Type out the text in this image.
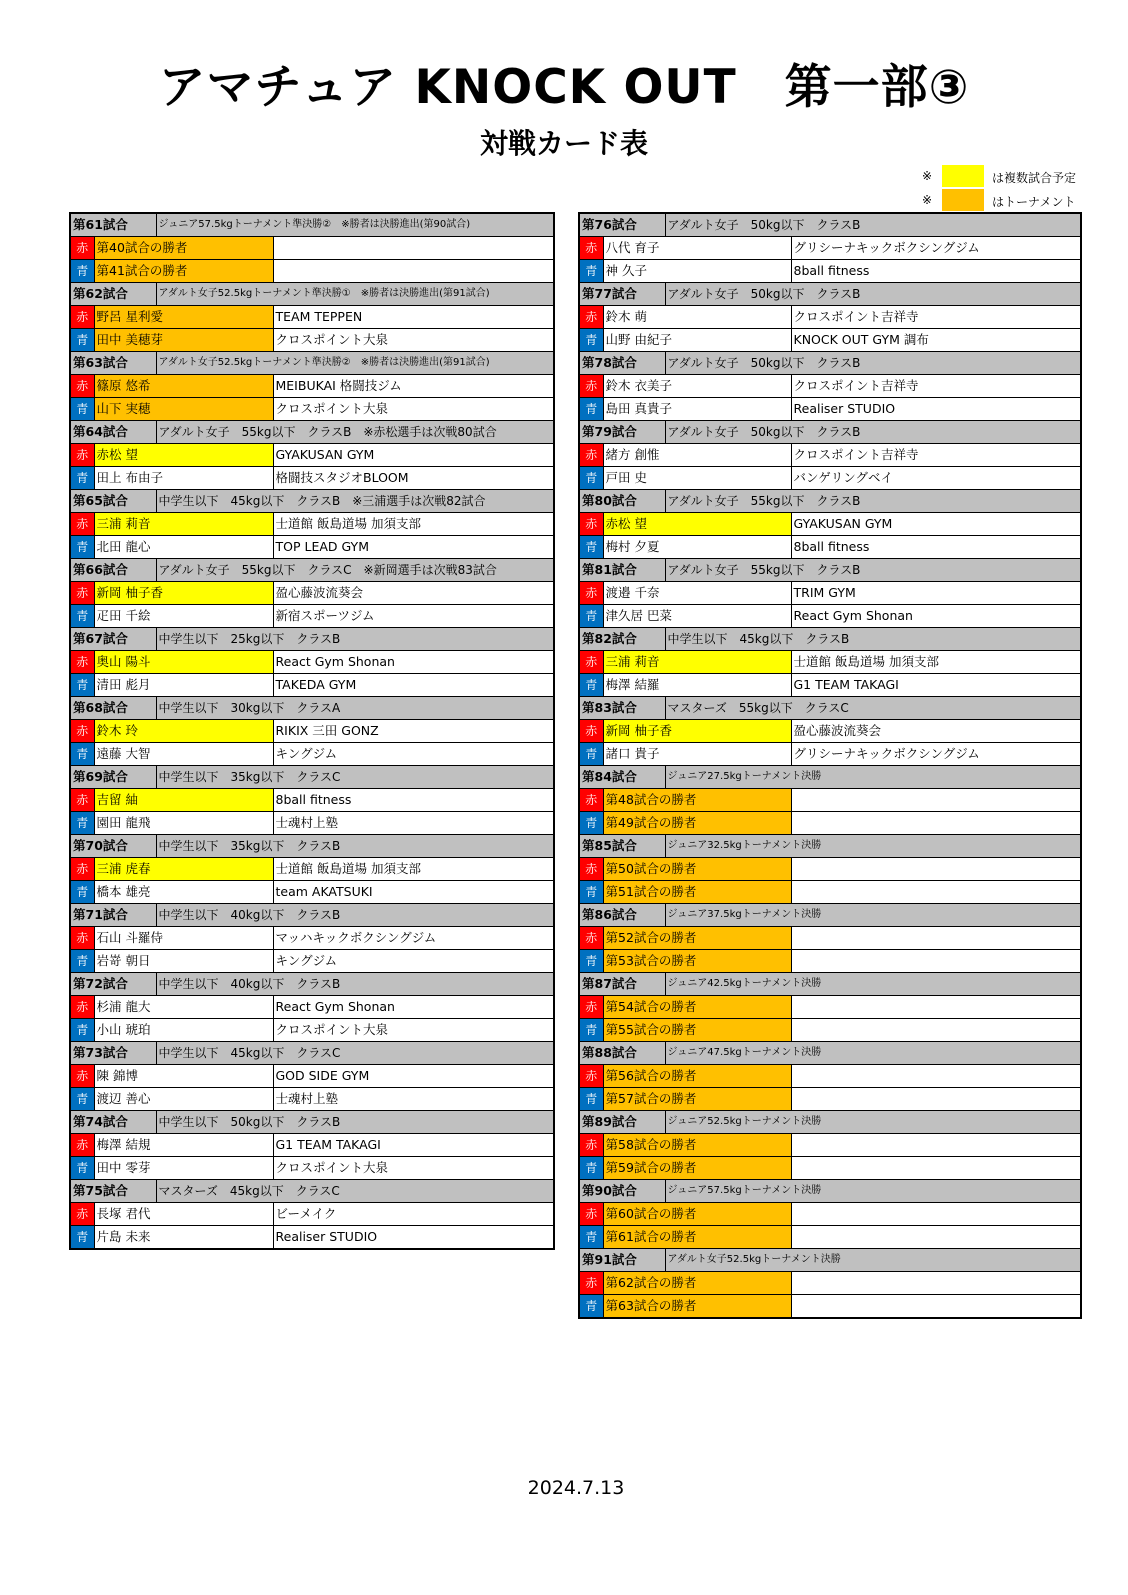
アマチュア KNOCK OUT　第一部③
対戦カード表
※	は複数試合予定
※	はトーナメント
第61試合		ジュニア57.5kgトーナメント準決勝②　※勝者は決勝進出(第90試合)	
赤	第40試合の勝者		
青	第41試合の勝者		
第62試合		アダルト女子52.5kgトーナメント準決勝①　※勝者は決勝進出(第91試合)	
赤	野呂 星利愛		TEAM TEPPEN
青	田中 美穂芽		クロスポイント大泉
第63試合		アダルト女子52.5kgトーナメント準決勝②　※勝者は決勝進出(第91試合)	
赤	篠原 悠希		MEIBUKAI 格闘技ジム
青	山下 実穂		クロスポイント大泉
第64試合		アダルト女子　55kg以下　クラスB　※赤松選手は次戦80試合	
赤	赤松 望		GYAKUSAN GYM
青	田上 布由子		格闘技スタジオBLOOM
第65試合		中学生以下　45kg以下　クラスB　※三浦選手は次戦82試合	
赤	三浦 莉音		士道館 飯島道場 加須支部
青	北田 龍心		TOP LEAD GYM
第66試合		アダルト女子　55kg以下　クラスC　※新岡選手は次戦83試合	
赤	新岡 柚子香		盈心藤波流葵会
青	疋田 千絵		新宿スポーツジム
第67試合		中学生以下　25kg以下　クラスB	
赤	奥山 陽斗		React Gym Shonan
青	清田 彪月		TAKEDA GYM
第68試合		中学生以下　30kg以下　クラスA	
赤	鈴木 玲		RIKIX 三田 GONZ
青	遠藤 大智		キングジム
第69試合		中学生以下　35kg以下　クラスC	
赤	吉留 紬		8ball fitness
青	園田 龍飛		士魂村上塾
第70試合		中学生以下　35kg以下　クラスB	
赤	三浦 虎春		士道館 飯島道場 加須支部
青	橋本 雄亮		team AKATSUKI
第71試合		中学生以下　40kg以下　クラスB	
赤	石山 斗羅侍		マッハキックボクシングジム
青	岩嵜 朝日		キングジム
第72試合		中学生以下　40kg以下　クラスB	
赤	杉浦 龍大		React Gym Shonan
青	小山 琥珀		クロスポイント大泉
第73試合		中学生以下　45kg以下　クラスC	
赤	陳 錦博		GOD SIDE GYM
青	渡辺 善心		士魂村上塾
第74試合		中学生以下　50kg以下　クラスB	
赤	梅澤 結規		G1 TEAM TAKAGI
青	田中 零芽		クロスポイント大泉
第75試合		マスターズ　45kg以下　クラスC	
赤	長塚 君代		ビーメイク
青	片島 未来		Realiser STUDIO
第76試合		アダルト女子　50kg以下　クラスB	
赤	八代 育子		グリシーナキックボクシングジム
青	神 久子		8ball fitness
第77試合		アダルト女子　50kg以下　クラスB	
赤	鈴木 萌		クロスポイント吉祥寺
青	山野 由紀子		KNOCK OUT GYM 調布
第78試合		アダルト女子　50kg以下　クラスB	
赤	鈴木 衣美子		クロスポイント吉祥寺
青	島田 真貴子		Realiser STUDIO
第79試合		アダルト女子　50kg以下　クラスB	
赤	緒方 創惟		クロスポイント吉祥寺
青	戸田 史		バンゲリングベイ
第80試合		アダルト女子　55kg以下　クラスB	
赤	赤松 望		GYAKUSAN GYM
青	梅村 夕夏		8ball fitness
第81試合		アダルト女子　55kg以下　クラスB	
赤	渡邉 千奈		TRIM GYM
青	津久居 巴菜		React Gym Shonan
第82試合		中学生以下　45kg以下　クラスB	
赤	三浦 莉音		士道館 飯島道場 加須支部
青	梅澤 結羅		G1 TEAM TAKAGI
第83試合		マスターズ　55kg以下　クラスC	
赤	新岡 柚子香		盈心藤波流葵会
青	諸口 貴子		グリシーナキックボクシングジム
第84試合		ジュニア27.5kgトーナメント決勝	
赤	第48試合の勝者		
青	第49試合の勝者		
第85試合		ジュニア32.5kgトーナメント決勝	
赤	第50試合の勝者		
青	第51試合の勝者		
第86試合		ジュニア37.5kgトーナメント決勝	
赤	第52試合の勝者		
青	第53試合の勝者		
第87試合		ジュニア42.5kgトーナメント決勝	
赤	第54試合の勝者		
青	第55試合の勝者		
第88試合		ジュニア47.5kgトーナメント決勝	
赤	第56試合の勝者		
青	第57試合の勝者		
第89試合		ジュニア52.5kgトーナメント決勝	
赤	第58試合の勝者		
青	第59試合の勝者		
第90試合		ジュニア57.5kgトーナメント決勝	
赤	第60試合の勝者		
青	第61試合の勝者		
第91試合		アダルト女子52.5kgトーナメント決勝	
赤	第62試合の勝者		
青	第63試合の勝者		
2024.7.13
